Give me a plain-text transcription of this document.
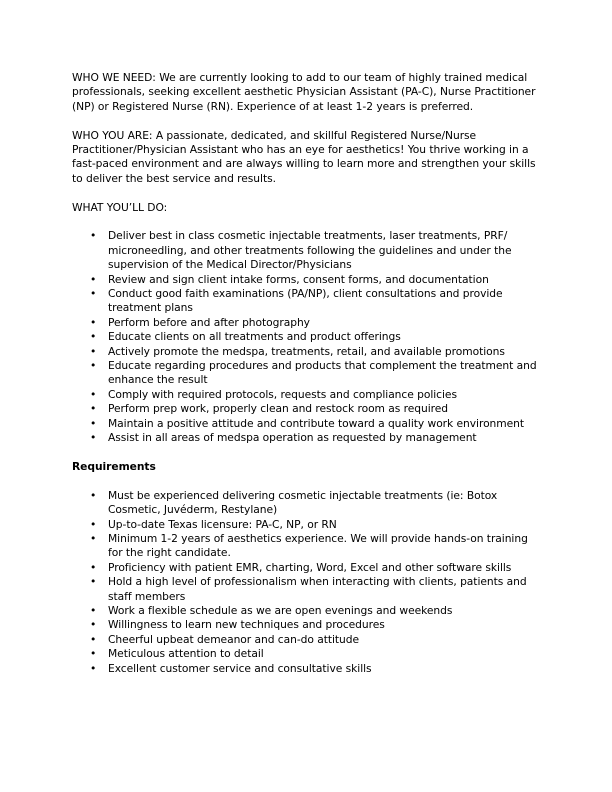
WHO WE NEED: We are currently looking to add to our team of highly trained medical professionals, seeking excellent aesthetic Physician Assistant (PA-C), Nurse Practitioner (NP) or Registered Nurse (RN). Experience of at least 1-2 years is preferred.

WHO YOU ARE: A passionate, dedicated, and skillful Registered Nurse/Nurse Practitioner/Physician Assistant who has an eye for aesthetics! You thrive working in a fast-paced environment and are always willing to learn more and strengthen your skills to deliver the best service and results.

WHAT YOU’LL DO:

•	Deliver best in class cosmetic injectable treatments, laser treatments, PRF/ microneedling, and other treatments following the guidelines and under the supervision of the Medical Director/Physicians
•	Review and sign client intake forms, consent forms, and documentation
•	Conduct good faith examinations (PA/NP), client consultations and provide treatment plans
•	Perform before and after photography
•	Educate clients on all treatments and product offerings
•	Actively promote the medspa, treatments, retail, and available promotions
•	Educate regarding procedures and products that complement the treatment and enhance the result
•	Comply with required protocols, requests and compliance policies
•	Perform prep work, properly clean and restock room as required
•	Maintain a positive attitude and contribute toward a quality work environment
•	Assist in all areas of medspa operation as requested by management

Requirements

•	Must be experienced delivering cosmetic injectable treatments (ie: Botox Cosmetic, Juvéderm, Restylane)
•	Up-to-date Texas licensure: PA-C, NP, or RN
•	Minimum 1-2 years of aesthetics experience. We will provide hands-on training for the right candidate.
•	Proficiency with patient EMR, charting, Word, Excel and other software skills
•	Hold a high level of professionalism when interacting with clients, patients and staff members
•	Work a flexible schedule as we are open evenings and weekends
•	Willingness to learn new techniques and procedures
•	Cheerful upbeat demeanor and can-do attitude
•	Meticulous attention to detail
•	Excellent customer service and consultative skills
